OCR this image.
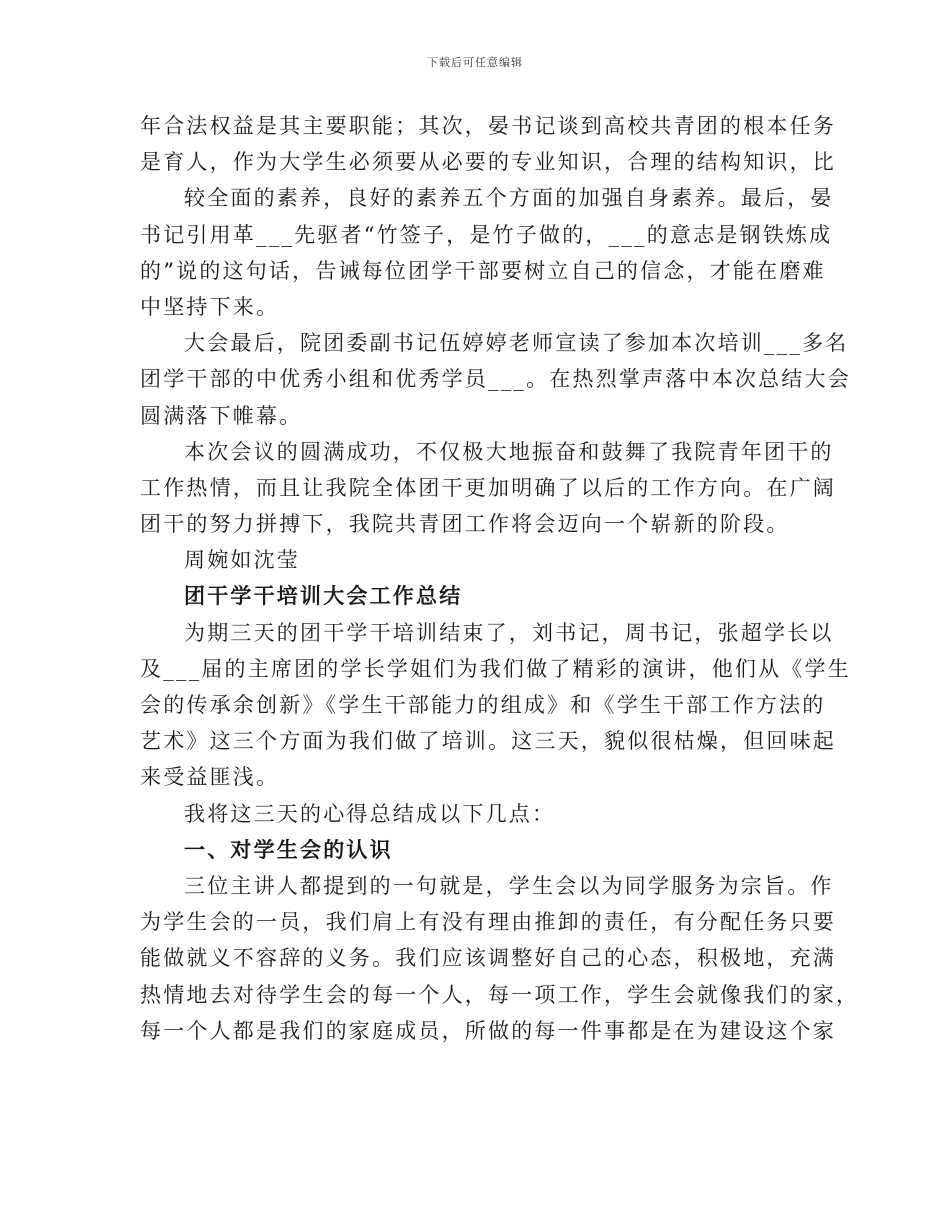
下载后可任意编辑
年合法权益是其主要职能；其次，晏书记谈到高校共青团的根本任务
是育人，作为大学生必须要从必要的专业知识，合理的结构知识，比
较全面的素养，良好的素养五个方面的加强自身素养。最后，晏
书记引用革___先驱者“竹签子，是竹子做的，___的意志是钢铁炼成
的”说的这句话，告诫每位团学干部要树立自己的信念，才能在磨难
中坚持下来。
大会最后，院团委副书记伍婷婷老师宣读了参加本次培训___多名
团学干部的中优秀小组和优秀学员___。在热烈掌声落中本次总结大会
圆满落下帷幕。
本次会议的圆满成功，不仅极大地振奋和鼓舞了我院青年团干的
工作热情，而且让我院全体团干更加明确了以后的工作方向。在广阔
团干的努力拼搏下，我院共青团工作将会迈向一个崭新的阶段。
周婉如沈莹
团干学干培训大会工作总结
为期三天的团干学干培训结束了，刘书记，周书记，张超学长以
及___届的主席团的学长学姐们为我们做了精彩的演讲，他们从《学生
会的传承余创新》《学生干部能力的组成》和《学生干部工作方法的
艺术》这三个方面为我们做了培训。这三天，貌似很枯燥，但回味起
来受益匪浅。
我将这三天的心得总结成以下几点：
一、对学生会的认识
三位主讲人都提到的一句就是，学生会以为同学服务为宗旨。作
为学生会的一员，我们肩上有没有理由推卸的责任，有分配任务只要
能做就义不容辞的义务。我们应该调整好自己的心态，积极地，充满
热情地去对待学生会的每一个人，每一项工作，学生会就像我们的家，
每一个人都是我们的家庭成员，所做的每一件事都是在为建设这个家
